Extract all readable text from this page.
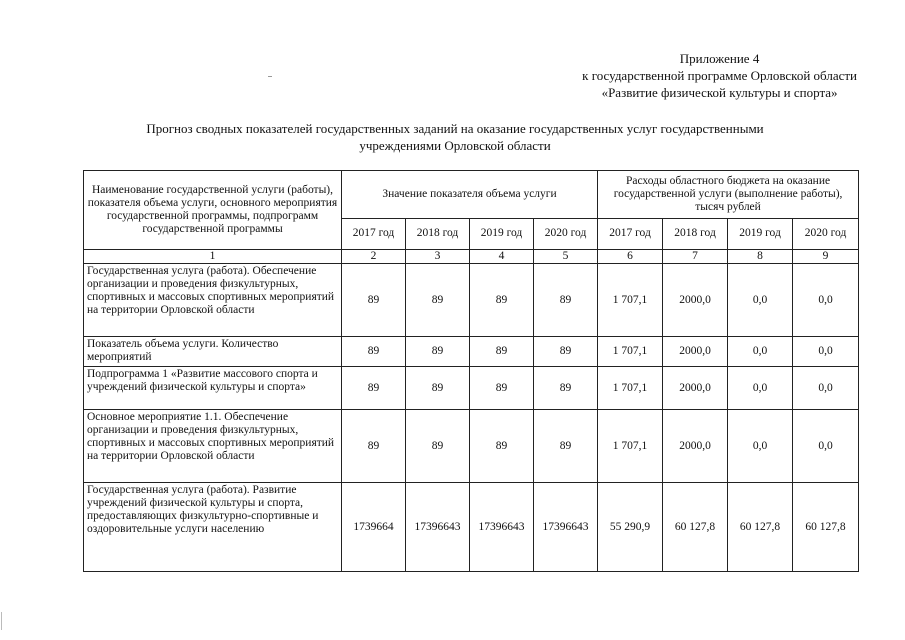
Приложение 4
к государственной программе Орловской области
«Развитие физической культуры и спорта»
Прогноз сводных показателей государственных заданий на оказание государственных услуг государственными
учреждениями Орловской области
Наименование государственной услуги (работы), показателя объема услуги, основного мероприятия государственной программы, подпрограмм государственной программы	Значение показателя объема услуги				Расходы областного бюджета на оказание государственной услуги (выполнение работы), тысяч рублей			
	2017 год	2018 год	2019 год	2020 год	2017 год	2018 год	2019 год	2020 год
1	2	3	4	5	6	7	8	9
Государственная услуга (работа). Обеспечение организации и проведения физкультурных, спортивных и массовых спортивных мероприятий на территории Орловской области	89	89	89	89	1 707,1	2000,0	0,0	0,0
Показатель объема услуги. Количество мероприятий	89	89	89	89	1 707,1	2000,0	0,0	0,0
Подпрограмма 1 «Развитие массового спорта и учреждений физической культуры и спорта»	89	89	89	89	1 707,1	2000,0	0,0	0,0
Основное мероприятие 1.1. Обеспечение организации и проведения физкультурных, спортивных и массовых спортивных мероприятий на территории Орловской области	89	89	89	89	1 707,1	2000,0	0,0	0,0
Государственная услуга (работа). Развитие учреждений физической культуры и спорта, предоставляющих физкультурно-спортивные и оздоровительные услуги населению	1739664	17396643	17396643	17396643	55 290,9	60 127,8	60 127,8	60 127,8
